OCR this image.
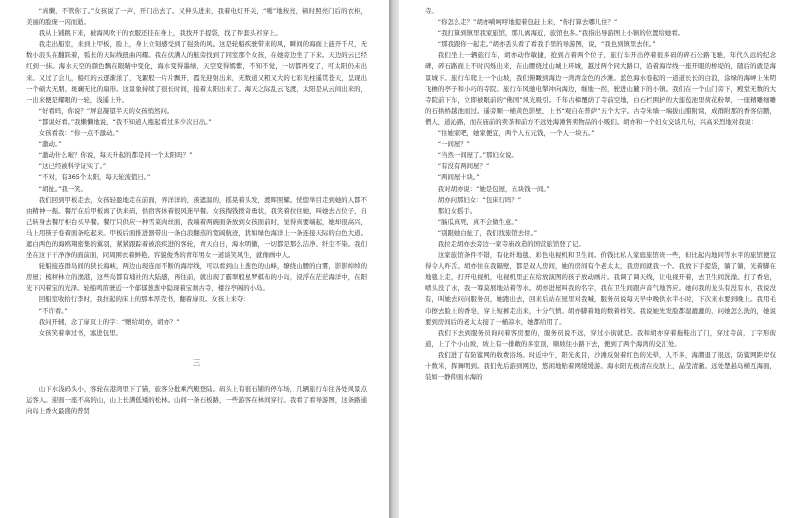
“真懒，不管你了。”女孩说了一声，开门出去了。又伸头进来，我着电灯开关，“啪”地按亮，顿时照亮门后的衣柜，美丽的脸庞一闪而逝。

我从上铺跳下来，被海风吹干的衣服还挂在身上，我找开手提袋，找了件套头衫穿上。

我走出船室，来到上甲板，脸上，身上立刻感受到了强劲的风。这是轮船疾驶带来的风，瞬间的海面上涟开千尺，无数小浪头在翻跃着，弧长的天际线扭曲闪耀。我在伏满人的舷旁找到了同室那个女孩，在她旁边坐了下来。天边的云已经红到一抹。海水天空的颜色飘在眼睛中变化，海水变得墨绿，天空变得嫣紫，不知不觉，一切都再变了，可太阳仍未出来。又过了会儿，船红的云逐渐浓了，飞絮般一片片飘开，霞光迎射出来，无数道又粗又大的七彩光柱遥贯苍天，呈现出一个硕大无朋、斑斓无比的扇形。这景象持续了很长时间，接着太阳出来了。海天之际乱云飞渡，太阳是从云间出来的，一出来便是耀眼的一轮，浅遥上升。

“好看吗，你说？”屏息凝望半天的女孩悄然问。

“都说好看。”我懒懒地说，“我不知道人瓶起看过多少次日出。”

女孩看我：“你一点不激动。”

“激动。”

“激动什么啦？你说，每天升起的都是同一个太阳吗？”

“这已经被科学证实了。”

“不对，有365个太阳，每天轮流值日。”

“胡扯。”我一笑。

我们回到甲板走去，女孩轻盈地走在前面，弄洋洋的，羡遮温的，摇晃着头发，渡晖照耀。恍惚举目走到她的人都不由精神一振。餐厅在后甲板离了供来码，供宿客休着很风迷早餐。女孩掏钱拨奇勇状，我笑着拉住她，叫她去占位子，自己转身去餐厅柜台买早餐。餐厅只供应一种雪菜肉丝面，我端着两碗面条放到女孩面前时，觉得真要端起，她却很高兴，马上用筷子卷着面条吃起来。甲板后面推进器带出一条白浪翻蒸的宽阔航迹，犹如绿色海洋上一条连接天际的白色大道。遮白两色的海鸥翔密集的翼羽，紧紧跟踪着被浪疾进的客轮，青天白日，海水明徽，一切都是那么洁净、纤尘不染。我们坐在这干干净净的面前面，同周围衣着鲜艳、容貌俊秀的青年男女一道谈笑风生，就像画中人。

轮船接连群岛间的狭长海峡，两边山现连而不断的海岸线，可以看到山上葱色的山峰，缭绕山腰的白雾，影影绰绰的房屋；梳秤林立的渔港，这些岛都有埔社的大陆感，再往前，就出现了霸翠般星罗棋布的小岛，浸浮在茫茫海洋中，在阳光下闪着宝的光泽。轮船鸣笛驶近一个郁郁葱葱中隐现着宝刹古寺，楼谷亭阁的小岛。

回船室收拾行李时，我拉起的床上的那本厚壳书，翻着扉页。女孩上来夺：

“不许看。”

我问开辅，念了扉页上的字：“赠给胡亦，胡亦？”

女孩笑着拿过书，塞进包里。

三

山下水浅码头小，客轮在港湾里下了锚，旅客分批乘汽艇登陆。码头上有很石铺的停车场，几辆旅行车往各处风景点运客人。迎面一座不高的山，山上长满低矮的松林。山间一条石板路，一些游客在林间穿行。我看了看导游图，这条路通向岛上香火最盛的普贤

寺。

“你怎么走？”胡亦嗬呵呼地提着包赶上来，“你打算去哪儿住？”

“我打算到镇里我家旅馆，那儿离海近，旅馆也多。”我指出导游图上小镇的位置给她看。

“那我跟你一起走。”胡亦丢头看了看我手里的导游图，说，“我也到镇里去住。”

我们坐上一辆旅行车，胡亦动作敏捷，抢到占着两个位子，旅行车开出停着很多码的碎石公路飞驰，年代久远的纪念碑，碎石路面上不时闪烁出来，在山腰绕过山城上环城，越过两个同大路口，沿着海岸线一座开眼的桥堤的，随后的就是海景城下。旅行车爬上一个山坡，我们俯瞰到海边一湾湾金色的沙滩。蓝色海水卷起的一道道长长的白浪，涂绿的海岬上朱明飞檐的亭子和小巧的寺院。旅行车风驰电掣冲向海边，继地一拐，驶进山麓下的小镇。我们在一个山门旁下，殿堂无数的大寺院前下车，立即被眼前的“佛国”风光吸引。千年古樟覆荫了寺前空地，白石栏围护的大莲苞池里荷花粉翠，一座精雕细雕的石拱桥越池而过。遥旁顺一桶黄色影壁，上书“观自在普萨”五个大字。古寺朱墙一端拔山腊附窝，成群附那的香客信鹏，僧人，道沁路，而在庙前的卖茶和前方不远处海滩售卖物品的小贩们。胡亦和一个妇女交谈几句，兴高采烈地对我说：

“住她家吧，她家便宜，两个人五元钱，一个人一块五。”

“一间屋？”

“当然一间屋了。”那妇女说。

“有没有两间屋？”

“两间屋十块。”

我对胡亦说：“她是包屋，五块钱一间。”

胡亦问那妇女：“包床行吗？”

那妇女摇手。

“脑瓜真死，真不会做生意。”

“别跟她白扯了，我们找旅馆去住。”

我拉走胡亦去旁边一家寺庙改造的国营旅馆登了记。

这家旅馆条件不错，有化纤地毯、彩色电视机和卫生间。价钱比私人家庭旅馆贵一些，但比起内地同等水平的旅馆便宜得令人咋舌。胡亦住在我隔壁，都是双人房间，她的房间有个老太太，我房间就我一个。我放下手提袋，躺了躺，光着脚在地毯上走，打开电视机，电视机里正在给放演图的孩子放动画片。我调了调天线，让电视开着，去卫生间洗澡。打了香皂，喷头没了水，我一筹莫展地站着等水。胡亦进屋叫我的名字，我在卫生间跟声音气地答应。她问我的龙头有没有水，我说没有，叫她去问问服务员，她跑出去，回来后站在屋里对我喊，服务员说每天早中晚供水半小时，下次来水要到晚上。我用毛巾擦去脸上的香皂，穿上短裤走出来，十分气愤。胡亦脚着地的数着样笑。我说她先发脸都湿漉漉的，问她怎么洗的，她说要到房间后的老太太接了一桶凉水，她都给用了。

我们下去到服务员询问着客房要的，服务员说不远，穿过小街就是。我和胡亦穿着拖鞋出了门，穿过寺前，丁字形街道，上了个小山坡，坡上有一排敞的多室顶，顺坡往小路下去，便到了两个海湾的交汇处。

我们进了有防鲨网的收费浴场。时近中午，阳光炙目，沙滩反射着红色的光晕，人不多，海潮退了很远，防鲨网距岸仅十数米，挥舞明到。我们先后游到网边，悠闲地贴着网缓缓游。海水阳光极清在皮肤上，晶莹清澈。远处楚悬岛横互海面，装如一静仰面水海的
